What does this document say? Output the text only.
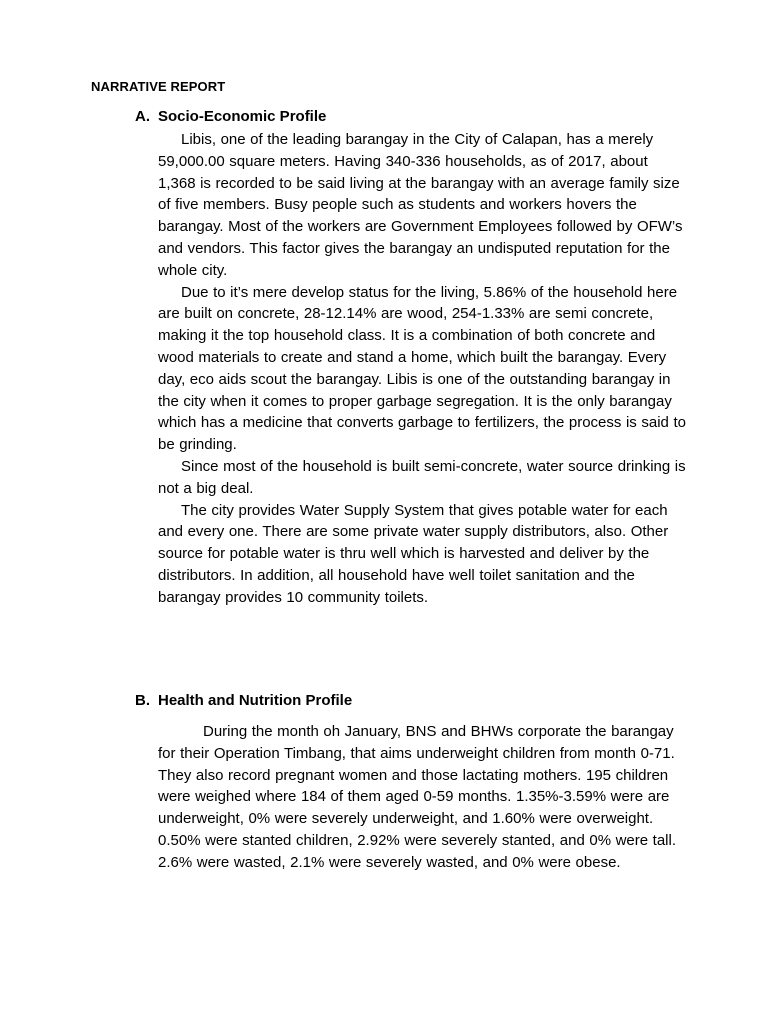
NARRATIVE REPORT
A. Socio-Economic Profile

Libis, one of the leading barangay in the City of Calapan, has a merely 59,000.00 square meters. Having 340-336 households, as of 2017, about 1,368 is recorded to be said living at the barangay with an average family size of five members. Busy people such as students and workers hovers the barangay. Most of the workers are Government Employees followed by OFW’s and vendors. This factor gives the barangay an undisputed reputation for the whole city.

Due to it’s mere develop status for the living, 5.86% of the household here are built on concrete, 28-12.14% are wood, 254-1.33% are semi concrete, making it the top household class. It is a combination of both concrete and wood materials to create and stand a home, which built the barangay. Every day, eco aids scout the barangay. Libis is one of the outstanding barangay in the city when it comes to proper garbage segregation. It is the only barangay which has a medicine that converts garbage to fertilizers, the process is said to be grinding.

Since most of the household is built semi-concrete, water source drinking is not a big deal.

The city provides Water Supply System that gives potable water for each and every one. There are some private water supply distributors, also. Other source for potable water is thru well which is harvested and deliver by the distributors. In addition, all household have well toilet sanitation and the barangay provides 10 community toilets.

B. Health and Nutrition Profile

During the month oh January, BNS and BHWs corporate the barangay for their Operation Timbang, that aims underweight children from month 0-71. They also record pregnant women and those lactating mothers. 195 children were weighed where 184 of them aged 0-59 months. 1.35%-3.59% were are underweight, 0% were severely underweight, and 1.60% were overweight. 0.50% were stanted children, 2.92% were severely stanted, and 0% were tall. 2.6% were wasted, 2.1% were severely wasted, and 0% were obese.
